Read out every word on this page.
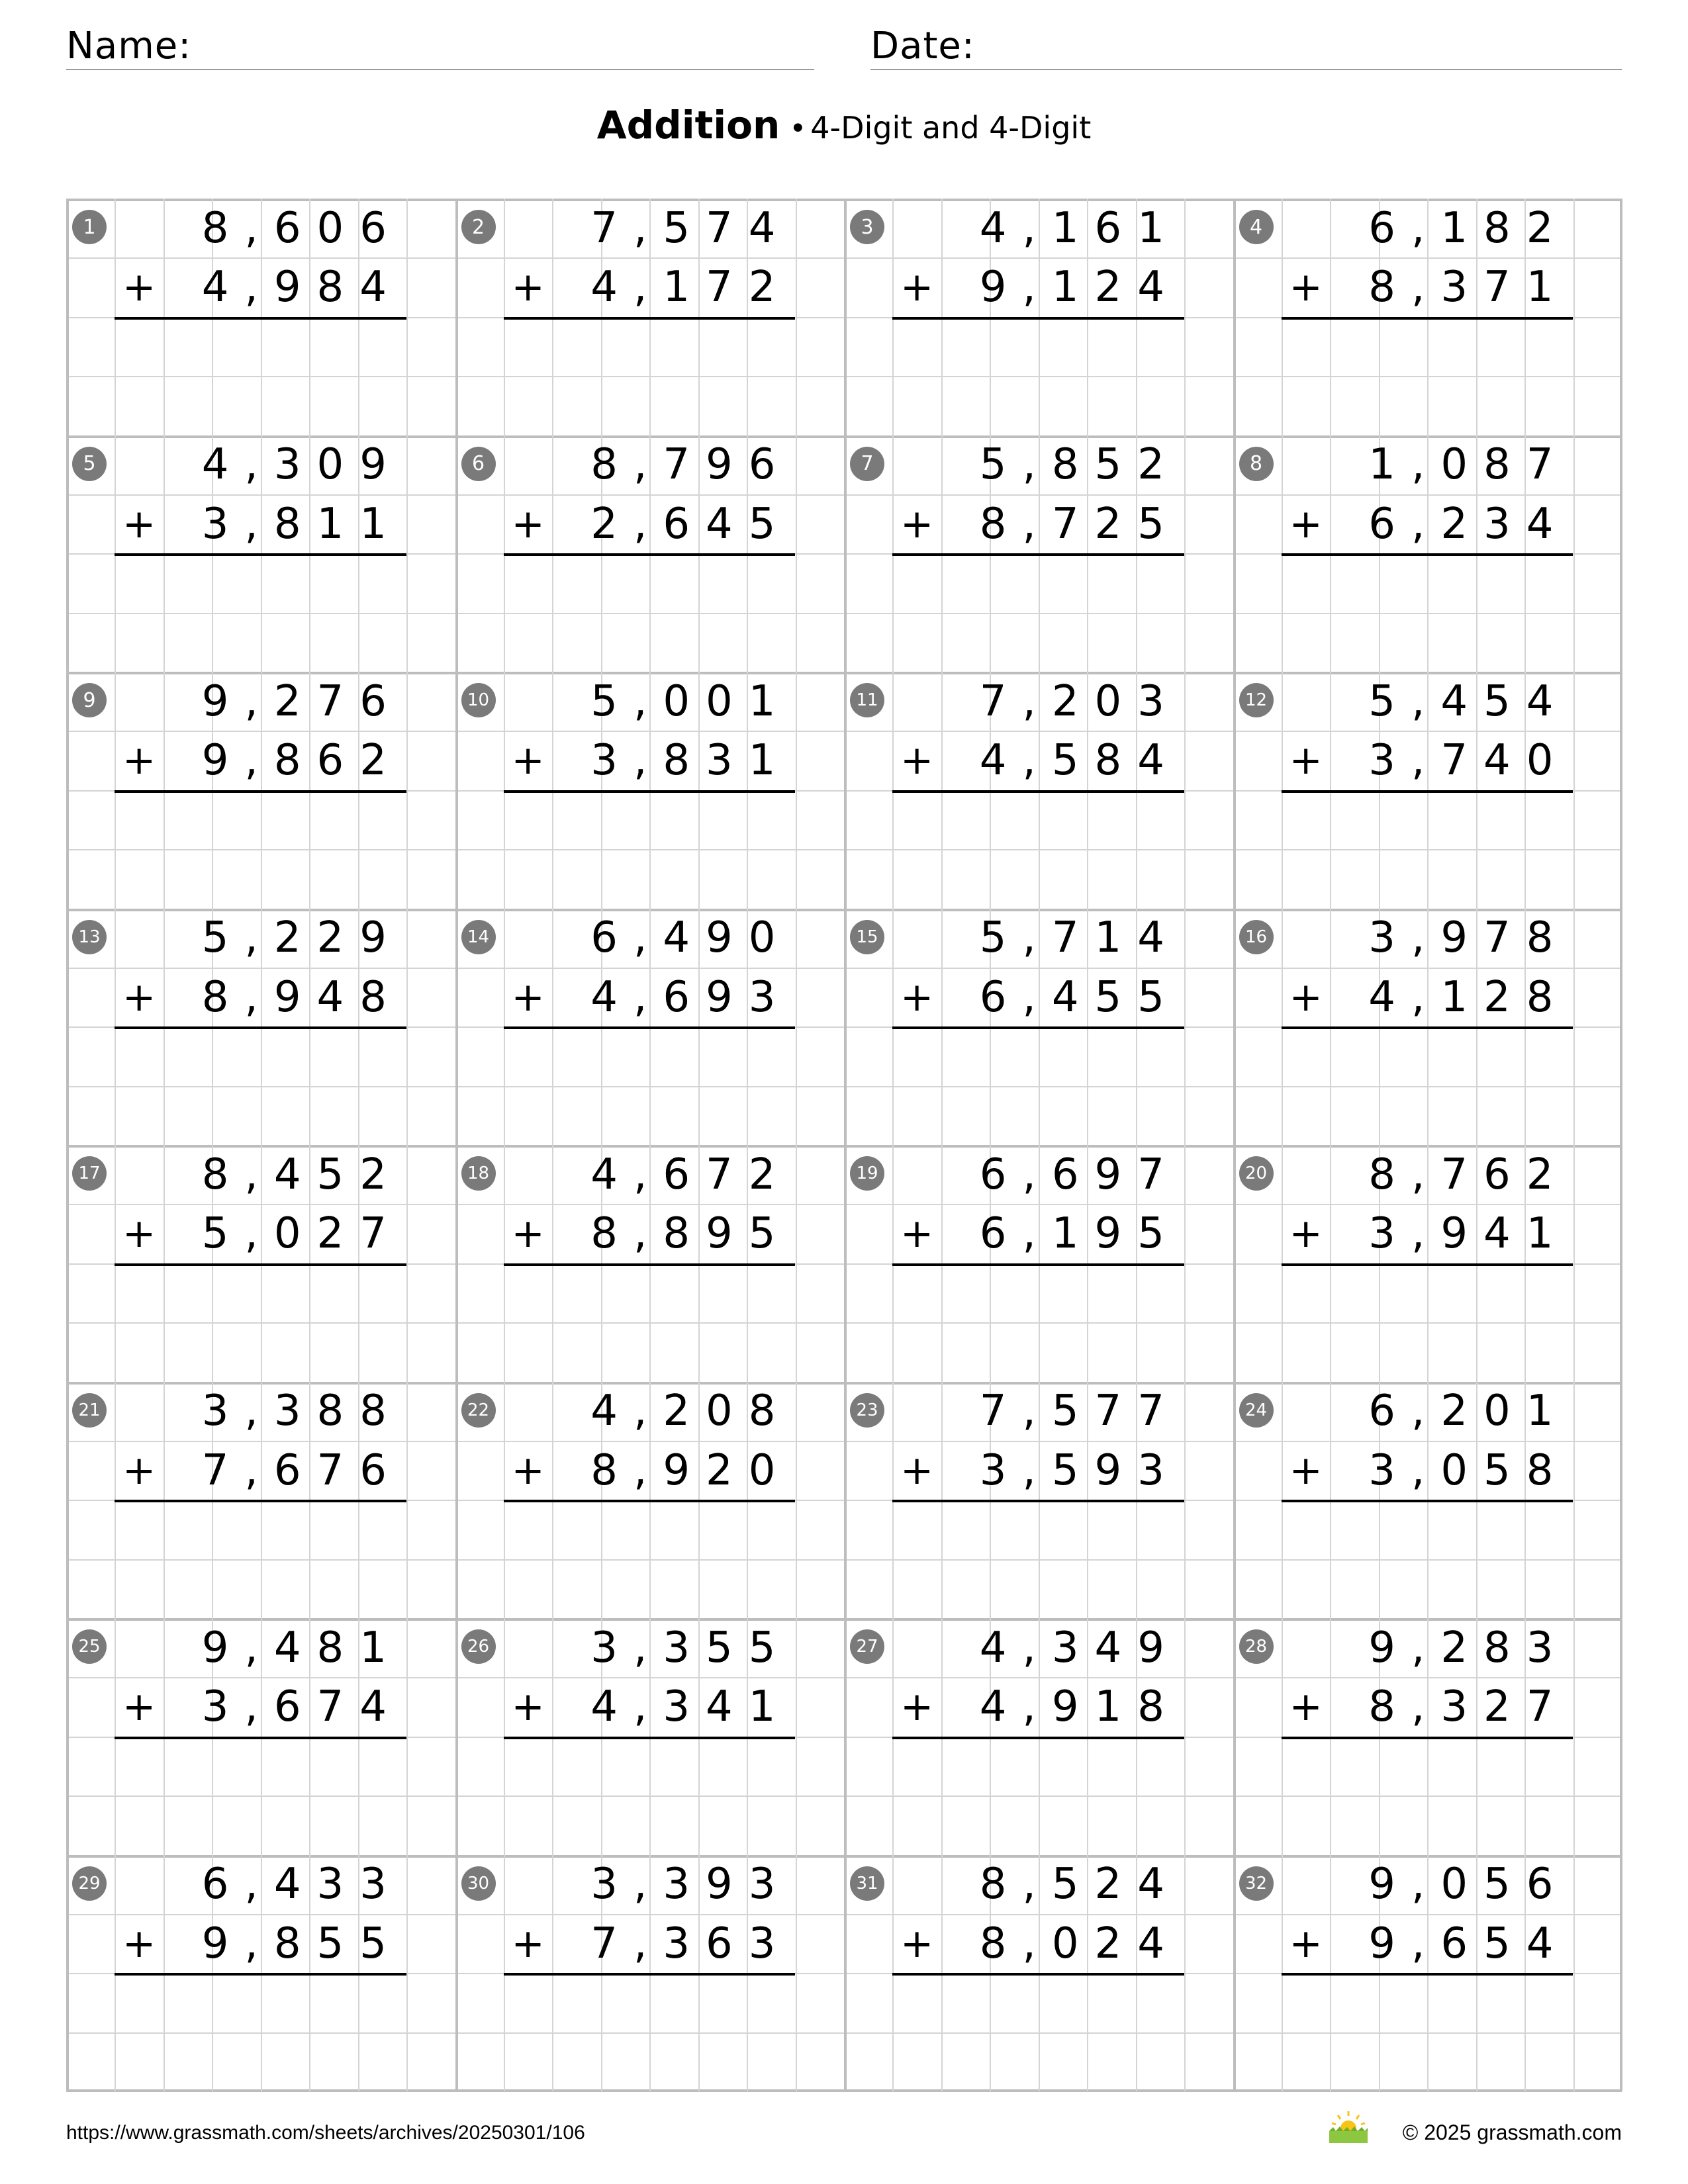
Name:	Date:
Addition • 4-Digit and 4-Digit
1	8,606
+ 4,984
2	7,574
+ 4,172
3	4,161
+ 9,124
4	6,182
+ 8,371
5	4,309
+ 3,811
6	8,796
+ 2,645
7	5,852
+ 8,725
8	1,087
+ 6,234
9	9,276
+ 9,862
10 5,001
+ 3,831
11 7,203
+ 4,584
12 5,454
+ 3,740
13 5,229
+ 8,948
14 6,490
+ 4,693
15 5,714
+ 6,455
16 3,978
+ 4,128
17 8,452
+ 5,027
18 4,672
+ 8,895
19 6,697
+ 6,195
20 8,762
+ 3,941
21 3,388
+ 7,676
22 4,208
+ 8,920
23 7,577
+ 3,593
24 6,201
+ 3,058
25 9,481
+ 3,674
26 3,355
+ 4,341
27 4,349
+ 4,918
28 9,283
+ 8,327
29 6,433
+ 9,855
30 3,393
+ 7,363
31 8,524
+ 8,024
32 9,056
+ 9,654
https://www.grassmath.com/sheets/archives/20250301/106	© 2025 grassmath.com
